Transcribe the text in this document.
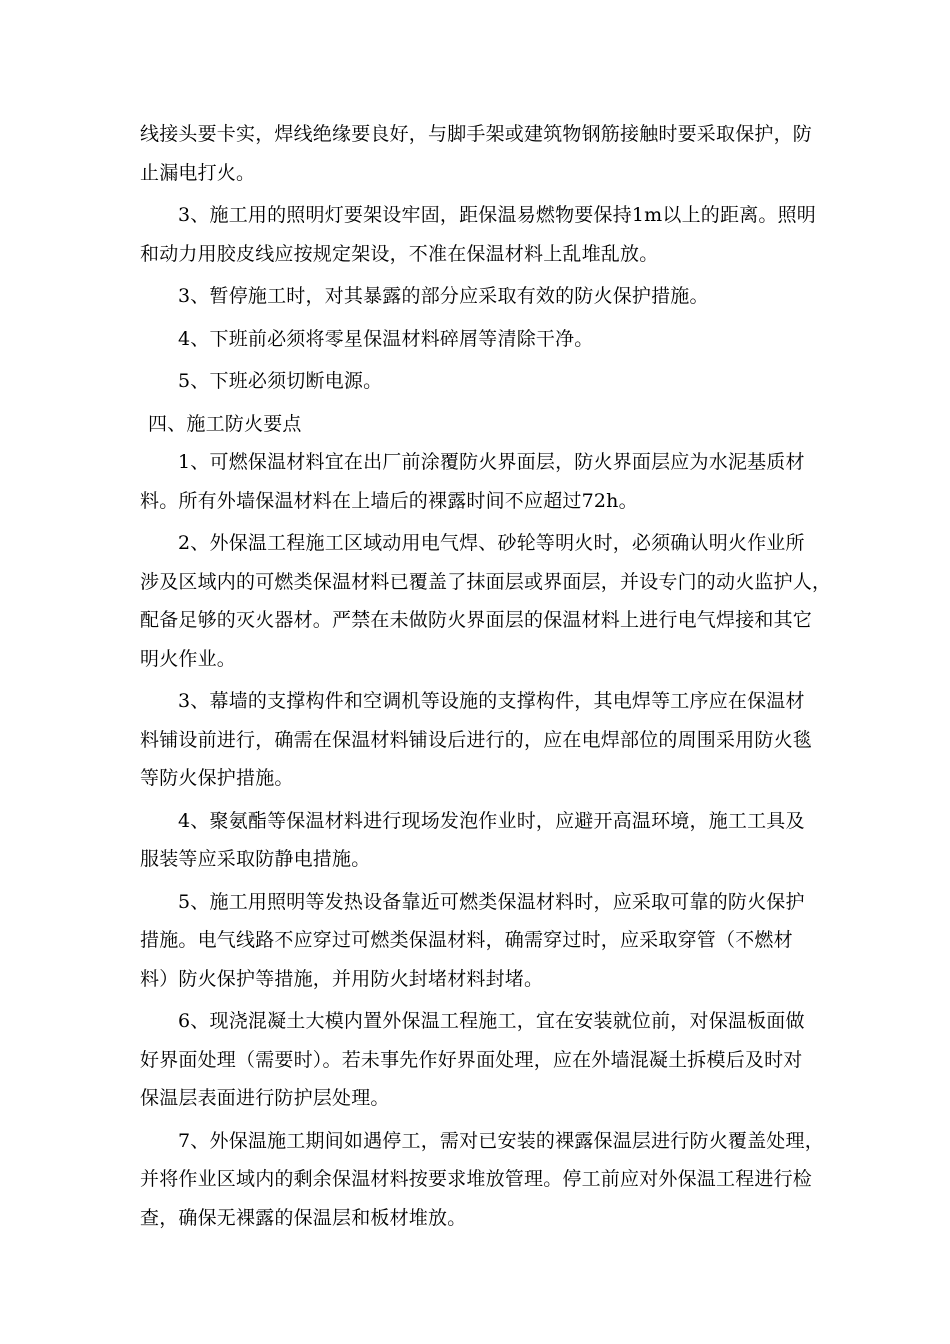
线接头要卡实，焊线绝缘要良好，与脚手架或建筑物钢筋接触时要采取保护，防
止漏电打火。

3、施工用的照明灯要架设牢固，距保温易燃物要保持1m以上的距离。照明
和动力用胶皮线应按规定架设，不准在保温材料上乱堆乱放。

3、暂停施工时，对其暴露的部分应采取有效的防火保护措施。

4、下班前必须将零星保温材料碎屑等清除干净。

5、下班必须切断电源。

四、施工防火要点

1、可燃保温材料宜在出厂前涂覆防火界面层，防火界面层应为水泥基质材
料。所有外墙保温材料在上墙后的裸露时间不应超过72h。

2、外保温工程施工区域动用电气焊、砂轮等明火时，必须确认明火作业所
涉及区域内的可燃类保温材料已覆盖了抹面层或界面层，并设专门的动火监护人，
配备足够的灭火器材。严禁在未做防火界面层的保温材料上进行电气焊接和其它
明火作业。

3、幕墙的支撑构件和空调机等设施的支撑构件，其电焊等工序应在保温材
料铺设前进行，确需在保温材料铺设后进行的，应在电焊部位的周围采用防火毯
等防火保护措施。

4、聚氨酯等保温材料进行现场发泡作业时，应避开高温环境，施工工具及
服装等应采取防静电措施。

5、施工用照明等发热设备靠近可燃类保温材料时，应采取可靠的防火保护
措施。电气线路不应穿过可燃类保温材料，确需穿过时，应采取穿管（不燃材
料）防火保护等措施，并用防火封堵材料封堵。

6、现浇混凝土大模内置外保温工程施工，宜在安装就位前，对保温板面做
好界面处理（需要时）。若未事先作好界面处理，应在外墙混凝土拆模后及时对
保温层表面进行防护层处理。

7、外保温施工期间如遇停工，需对已安装的裸露保温层进行防火覆盖处理，
并将作业区域内的剩余保温材料按要求堆放管理。停工前应对外保温工程进行检
查，确保无裸露的保温层和板材堆放。
